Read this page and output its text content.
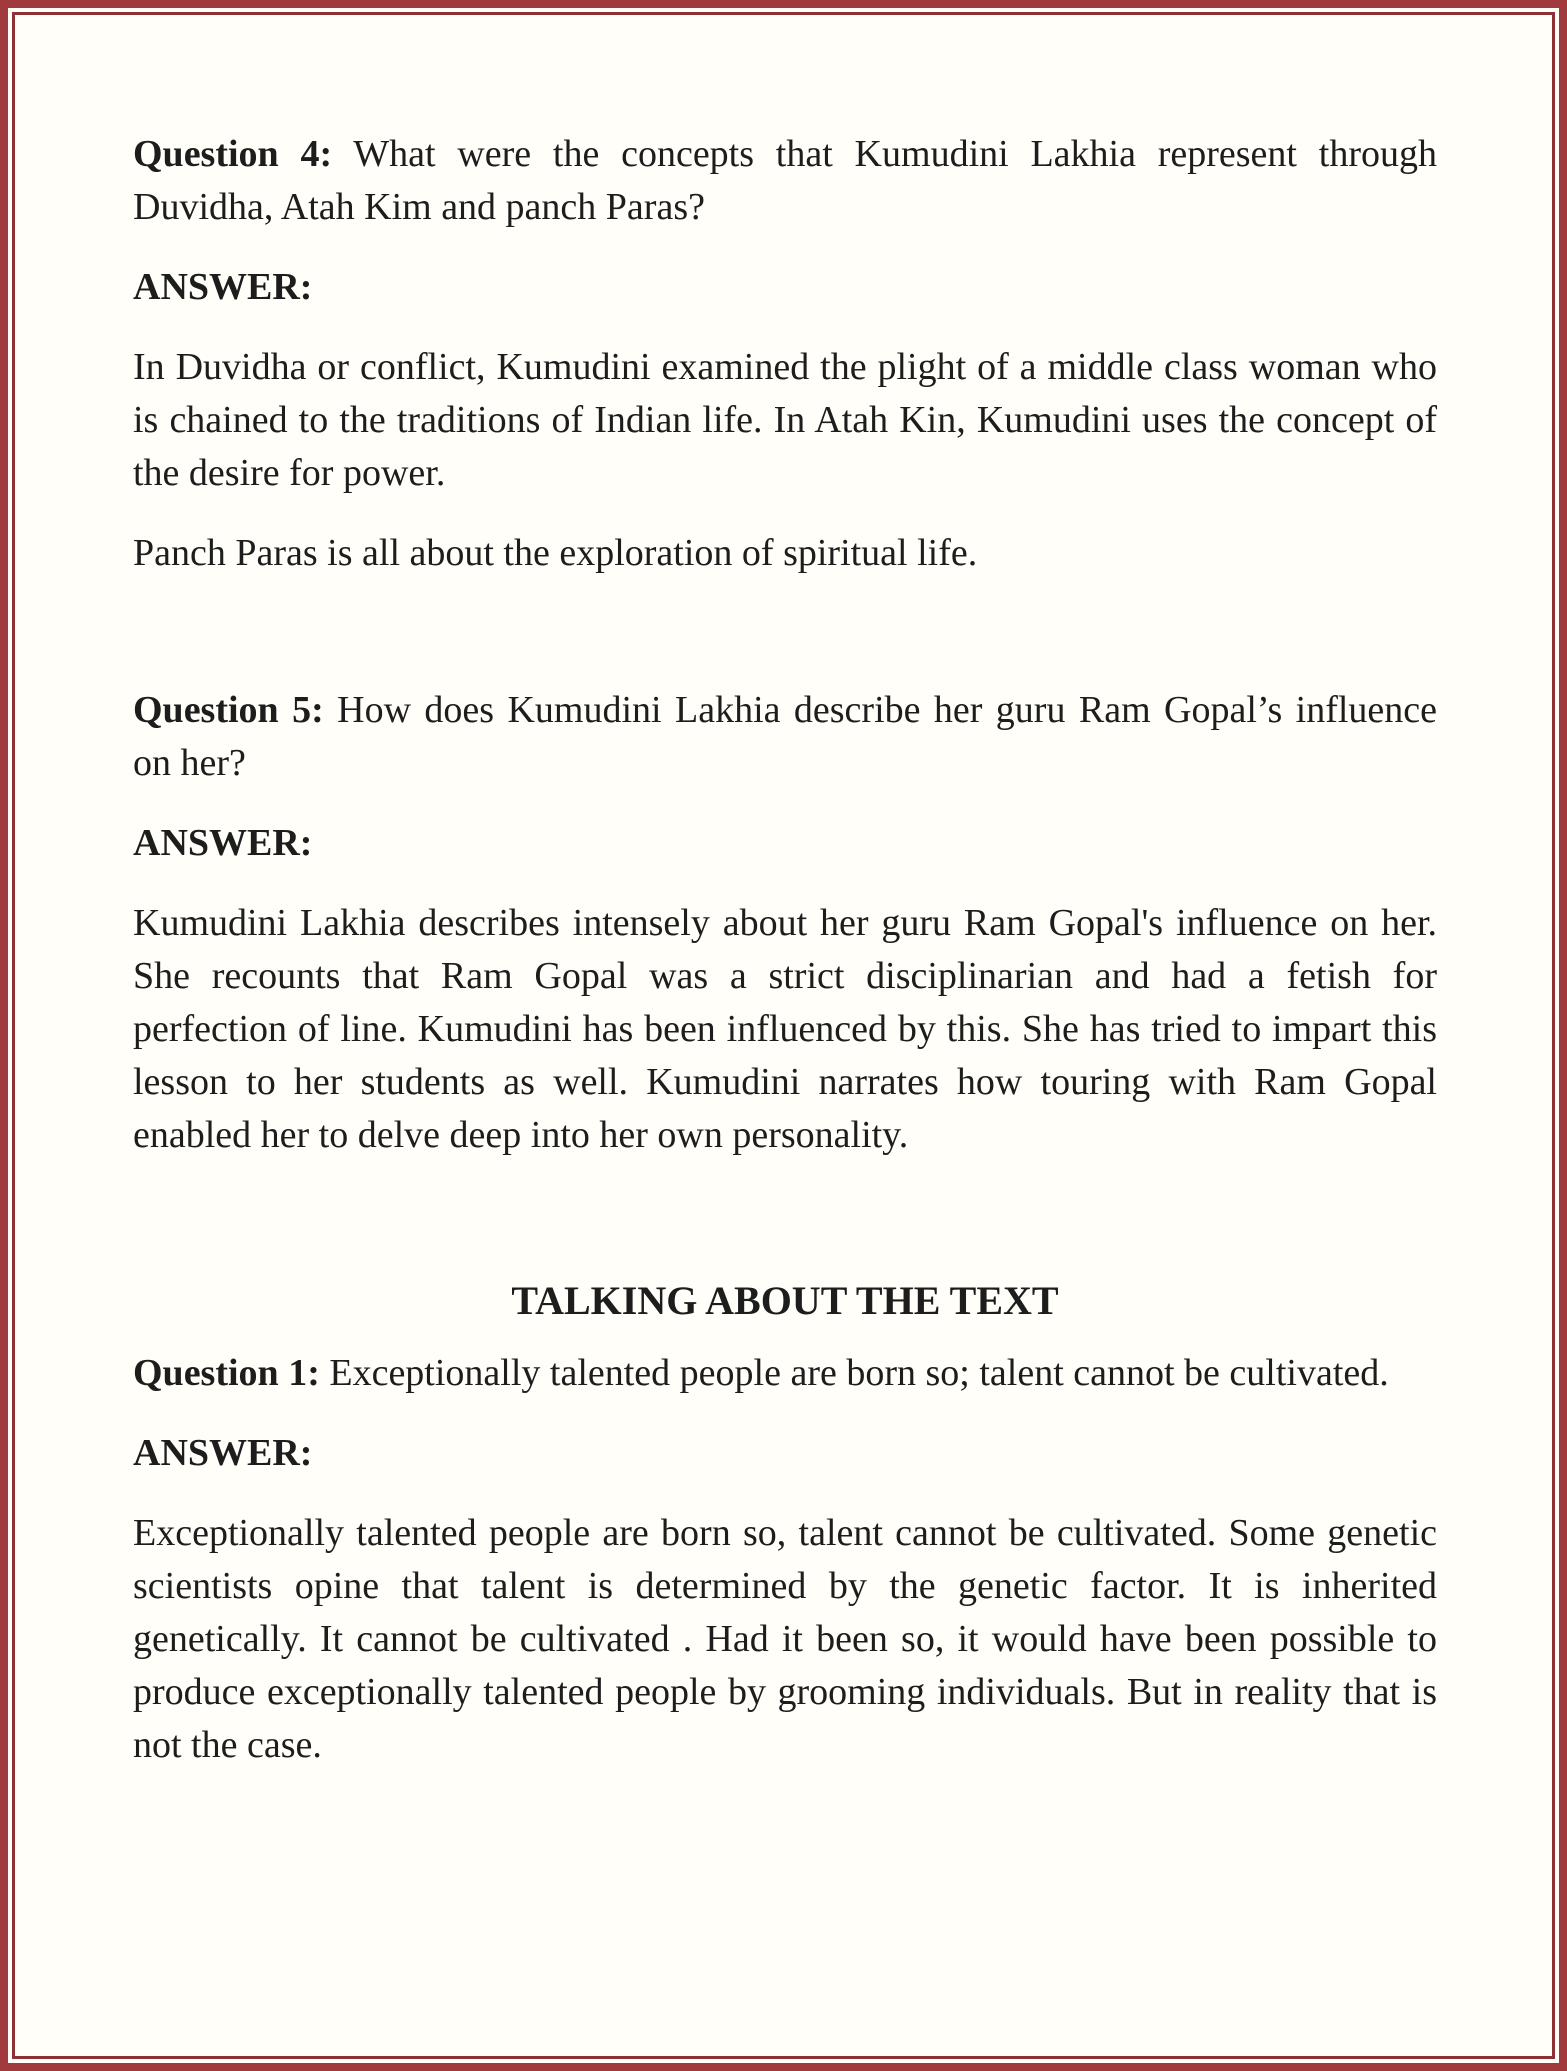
Question 4: What were the concepts that Kumudini Lakhia represent through Duvidha, Atah Kim and panch Paras?

ANSWER:

In Duvidha or conflict, Kumudini examined the plight of a middle class woman who is chained to the traditions of Indian life. In Atah Kin, Kumudini uses the concept of the desire for power.

Panch Paras is all about the exploration of spiritual life.

Question 5: How does Kumudini Lakhia describe her guru Ram Gopal’s influence on her?

ANSWER:

Kumudini Lakhia describes intensely about her guru Ram Gopal's influence on her. She recounts that Ram Gopal was a strict disciplinarian and had a fetish for perfection of line. Kumudini has been influenced by this. She has tried to impart this lesson to her students as well. Kumudini narrates how touring with Ram Gopal enabled her to delve deep into her own personality.

TALKING ABOUT THE TEXT

Question 1: Exceptionally talented people are born so; talent cannot be cultivated.

ANSWER:

Exceptionally talented people are born so, talent cannot be cultivated. Some genetic scientists opine that talent is determined by the genetic factor. It is inherited genetically. It cannot be cultivated . Had it been so, it would have been possible to produce exceptionally talented people by grooming individuals. But in reality that is not the case.
